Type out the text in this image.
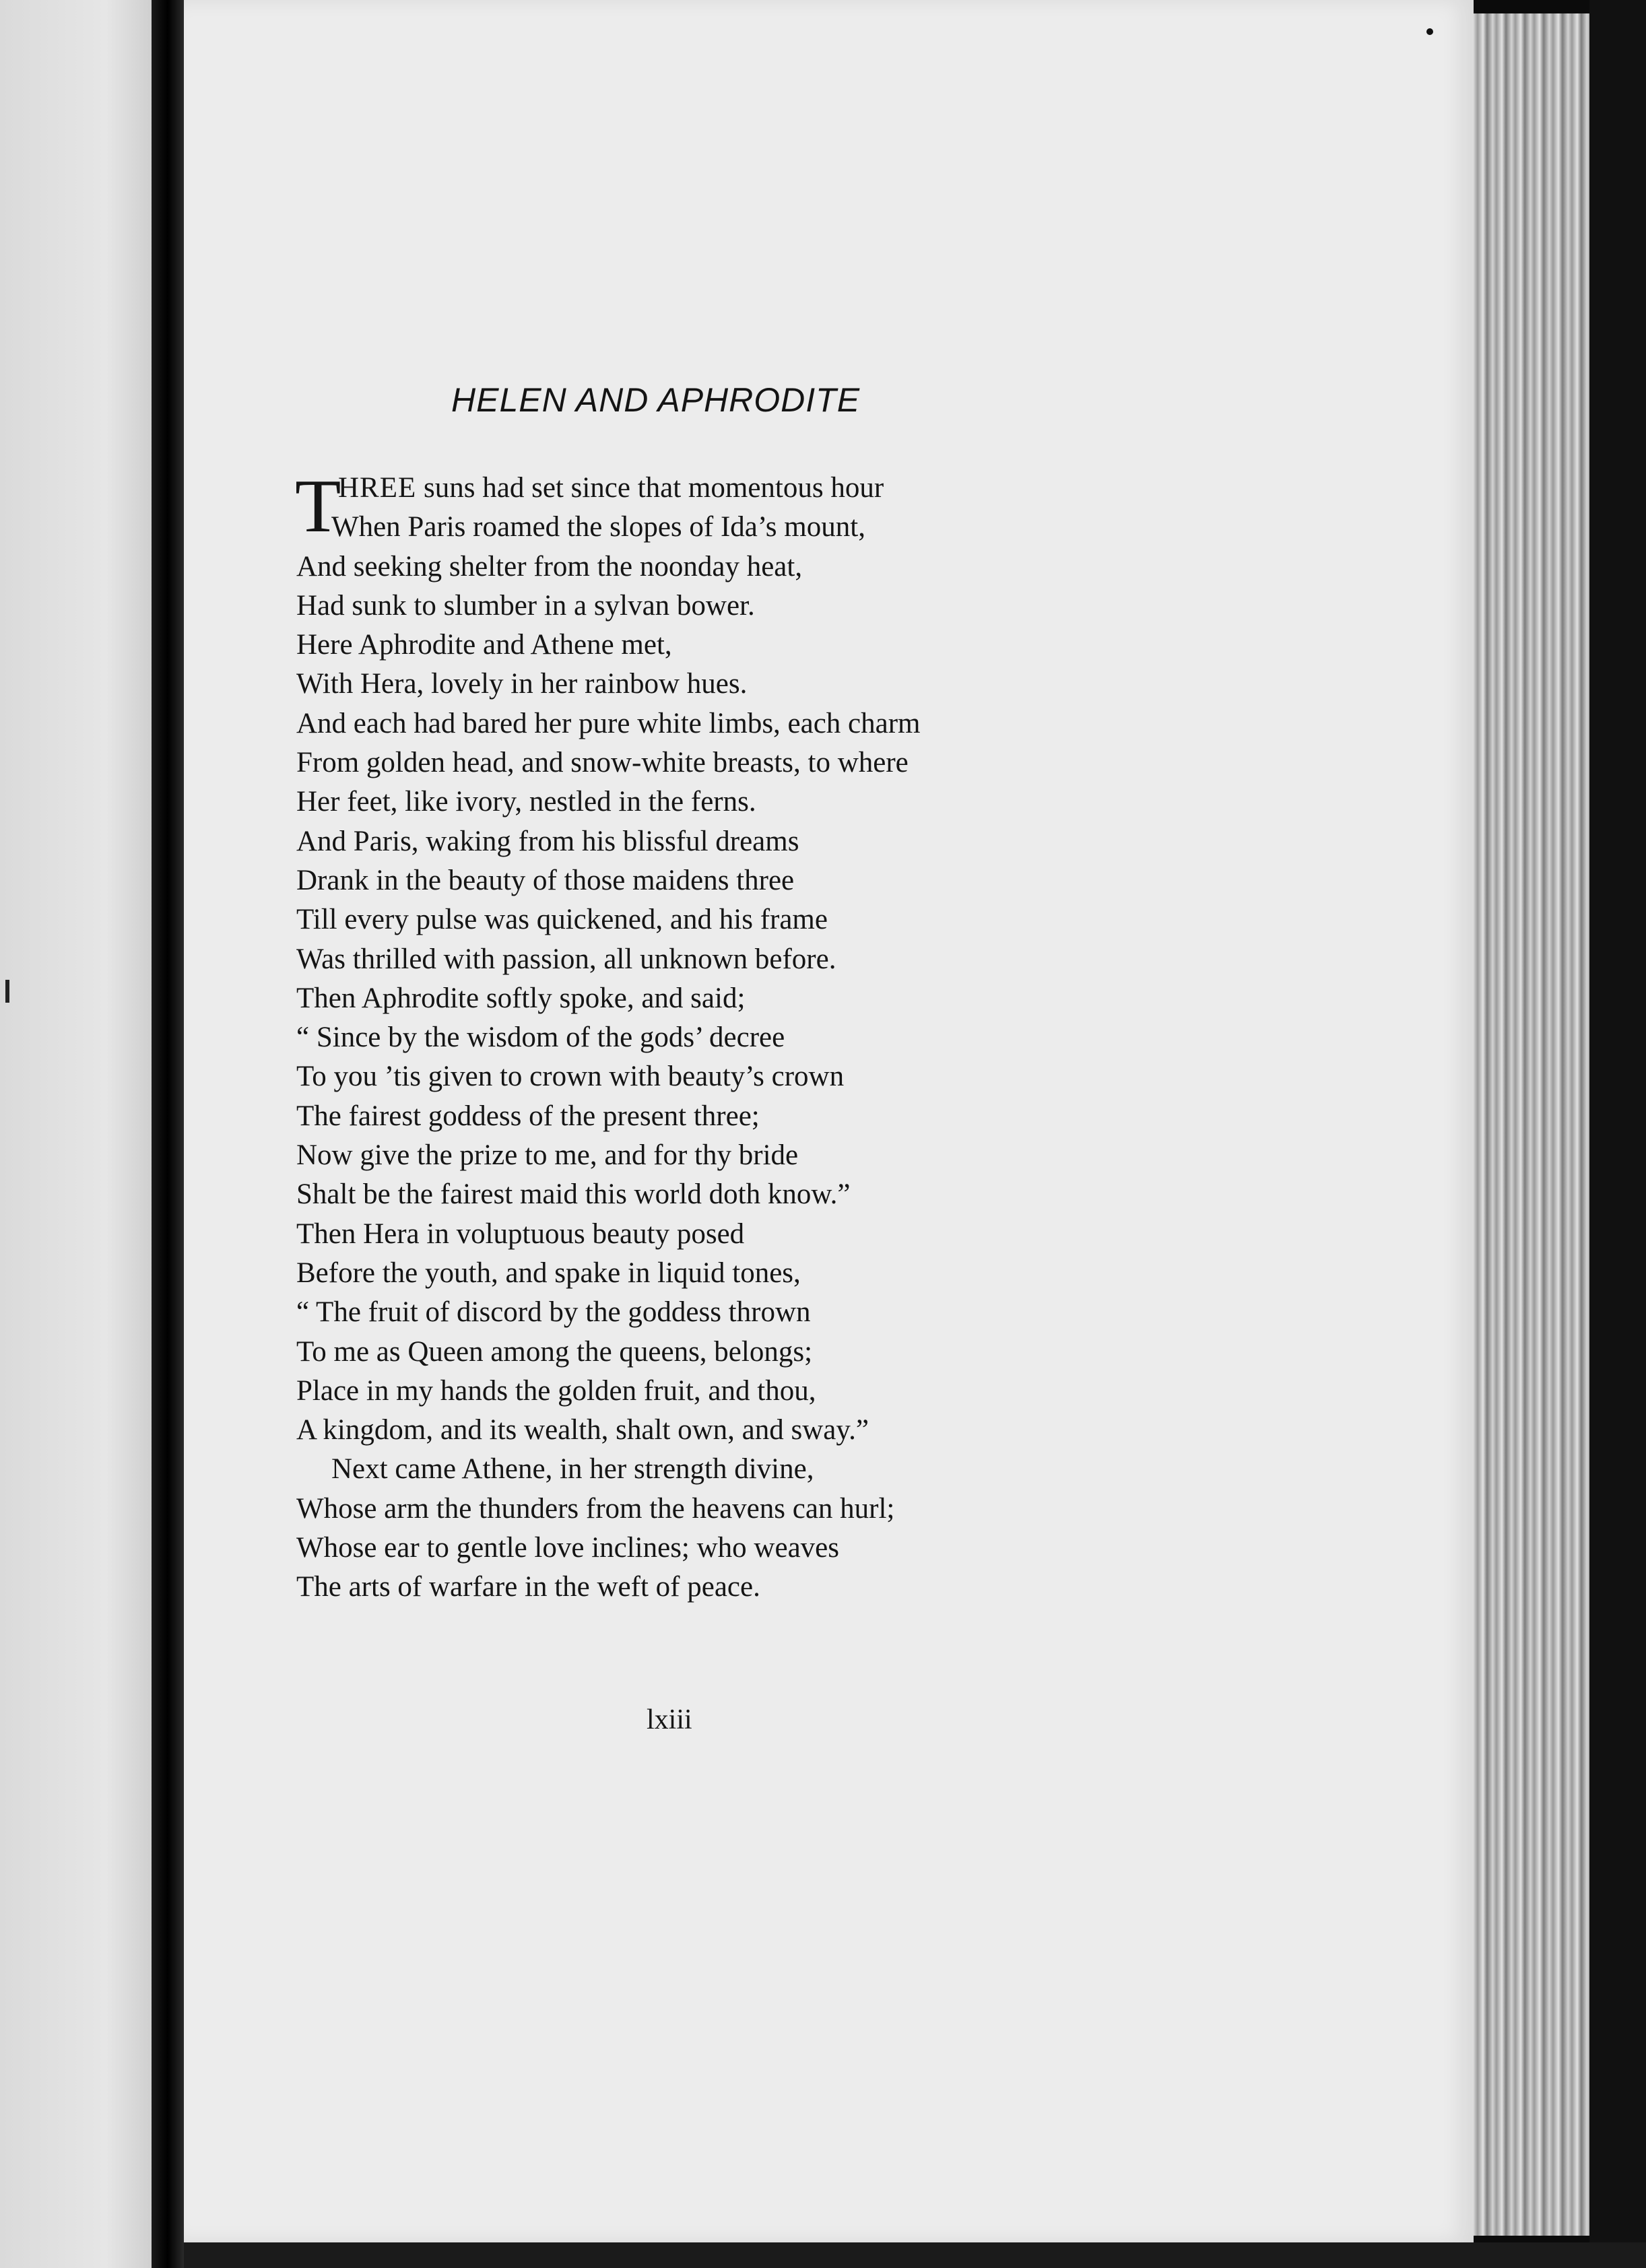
HELEN AND APHRODITE
T
HREE suns had set since that momentous hour
When Paris roamed the slopes of Ida’s mount,
And seeking shelter from the noonday heat,
Had sunk to slumber in a sylvan bower.
Here Aphrodite and Athene met,
With Hera, lovely in her rainbow hues.
And each had bared her pure white limbs, each charm
From golden head, and snow-white breasts, to where
Her feet, like ivory, nestled in the ferns.
And Paris, waking from his blissful dreams
Drank in the beauty of those maidens three
Till every pulse was quickened, and his frame
Was thrilled with passion, all unknown before.
Then Aphrodite softly spoke, and said;
“ Since by the wisdom of the gods’ decree
To you ’tis given to crown with beauty’s crown
The fairest goddess of the present three;
Now give the prize to me, and for thy bride
Shalt be the fairest maid this world doth know.”
Then Hera in voluptuous beauty posed
Before the youth, and spake in liquid tones,
“ The fruit of discord by the goddess thrown
To me as Queen among the queens, belongs;
Place in my hands the golden fruit, and thou,
A kingdom, and its wealth, shalt own, and sway.”
Next came Athene, in her strength divine,
Whose arm the thunders from the heavens can hurl;
Whose ear to gentle love inclines; who weaves
The arts of warfare in the weft of peace.
lxiii
